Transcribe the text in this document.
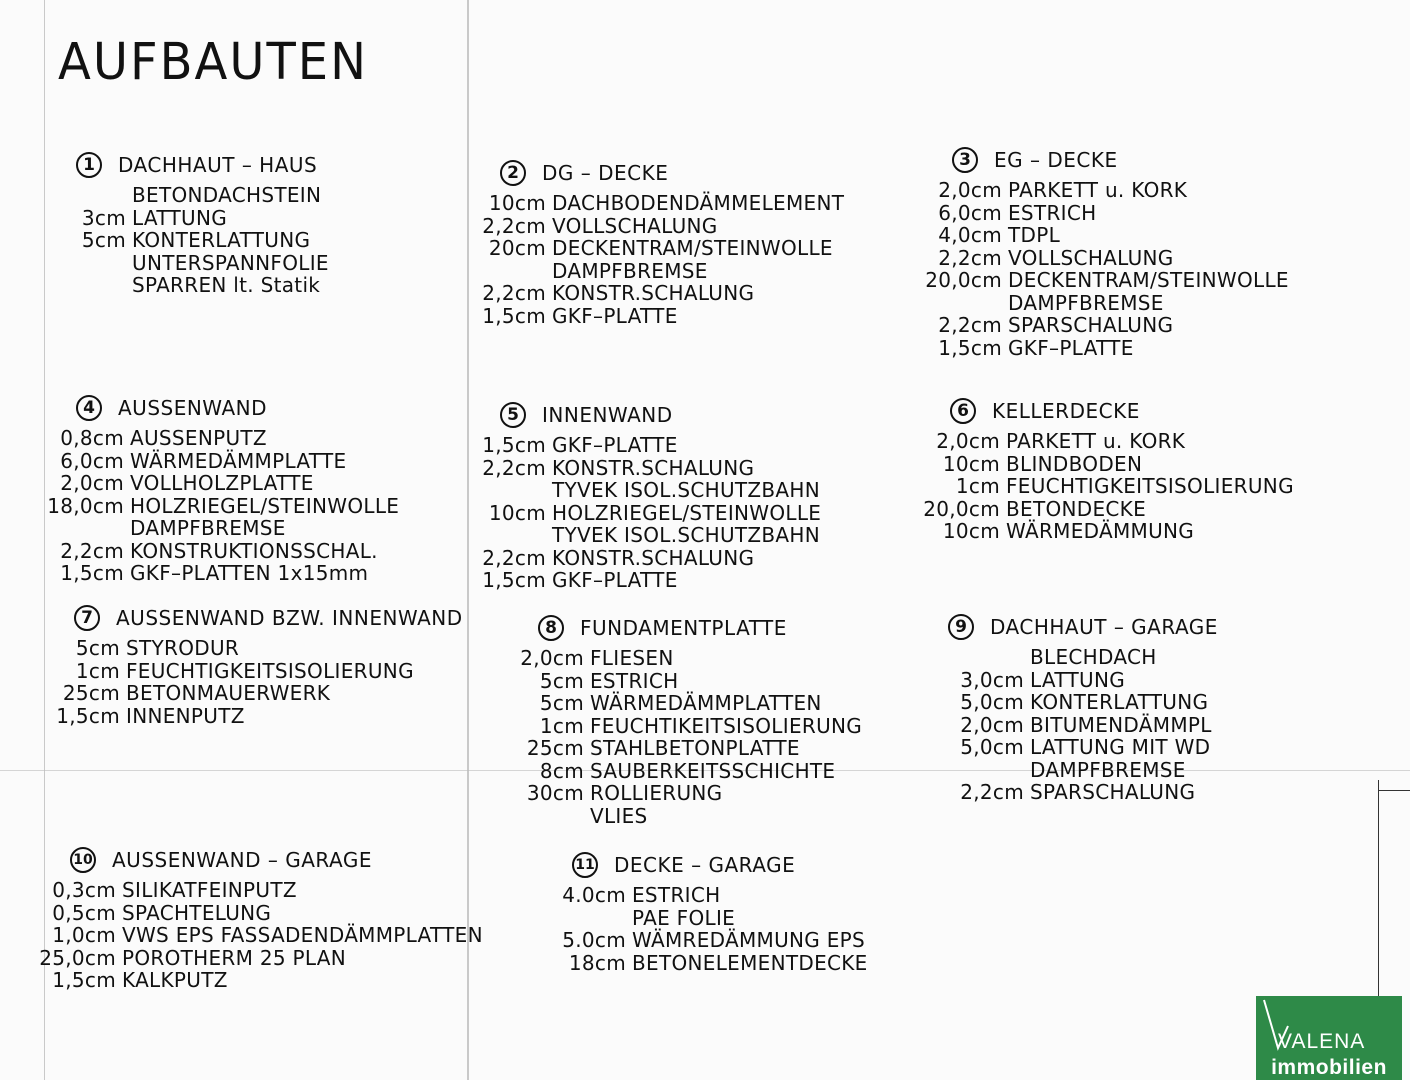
AUFBAUTEN
1	DACHHAUT – HAUS
BETONDACHSTEIN
3cm LATTUNG
5cm KONTERLATTUNG
UNTERSPANNFOLIE
SPARREN lt. Statik
2	DG – DECKE
10cm DACHBODENDÄMMELEMENT
2,2cm VOLLSCHALUNG
20cm DECKENTRAM/STEINWOLLE
DAMPFBREMSE
2,2cm KONSTR.SCHALUNG
1,5cm GKF–PLATTE
3	EG – DECKE
2,0cm PARKETT u. KORK
6,0cm ESTRICH
4,0cm TDPL
2,2cm VOLLSCHALUNG
20,0cm DECKENTRAM/STEINWOLLE
DAMPFBREMSE
2,2cm SPARSCHALUNG
1,5cm GKF–PLATTE
4	AUSSENWAND
0,8cm AUSSENPUTZ
6,0cm WÄRMEDÄMMPLATTE
2,0cm VOLLHOLZPLATTE
18,0cm HOLZRIEGEL/STEINWOLLE
DAMPFBREMSE
2,2cm KONSTRUKTIONSSCHAL.
1,5cm GKF–PLATTEN 1x15mm
5	INNENWAND
1,5cm GKF–PLATTE
2,2cm KONSTR.SCHALUNG
TYVEK ISOL.SCHUTZBAHN
10cm HOLZRIEGEL/STEINWOLLE
TYVEK ISOL.SCHUTZBAHN
2,2cm KONSTR.SCHALUNG
1,5cm GKF–PLATTE
6	KELLERDECKE
2,0cm PARKETT u. KORK
10cm BLINDBODEN
1cm FEUCHTIGKEITSISOLIERUNG
20,0cm BETONDECKE
10cm WÄRMEDÄMMUNG
7	AUSSENWAND BZW. INNENWAND
5cm STYRODUR
1cm FEUCHTIGKEITSISOLIERUNG
25cm BETONMAUERWERK
1,5cm INNENPUTZ
8	FUNDAMENTPLATTE
2,0cm FLIESEN
5cm ESTRICH
5cm WÄRMEDÄMMPLATTEN
1cm FEUCHTIKEITSISOLIERUNG
25cm STAHLBETONPLATTE
8cm SAUBERKEITSSCHICHTE
30cm ROLLIERUNG
VLIES
9	DACHHAUT – GARAGE
BLECHDACH
3,0cm LATTUNG
5,0cm KONTERLATTUNG
2,0cm BITUMENDÄMMPL
5,0cm LATTUNG MIT WD
DAMPFBREMSE
2,2cm SPARSCHALUNG
10 AUSSENWAND – GARAGE
0,3cm SILIKATFEINPUTZ
0,5cm SPACHTELUNG
1,0cm VWS EPS FASSADENDÄMMPLATTEN
25,0cm POROTHERM 25 PLAN
1,5cm KALKPUTZ
11 DECKE – GARAGE
4.0cm ESTRICH
PAE FOLIE
5.0cm WÄMREDÄMMUNG EPS
18cm BETONELEMENTDECKE
VALENA
immobilien
